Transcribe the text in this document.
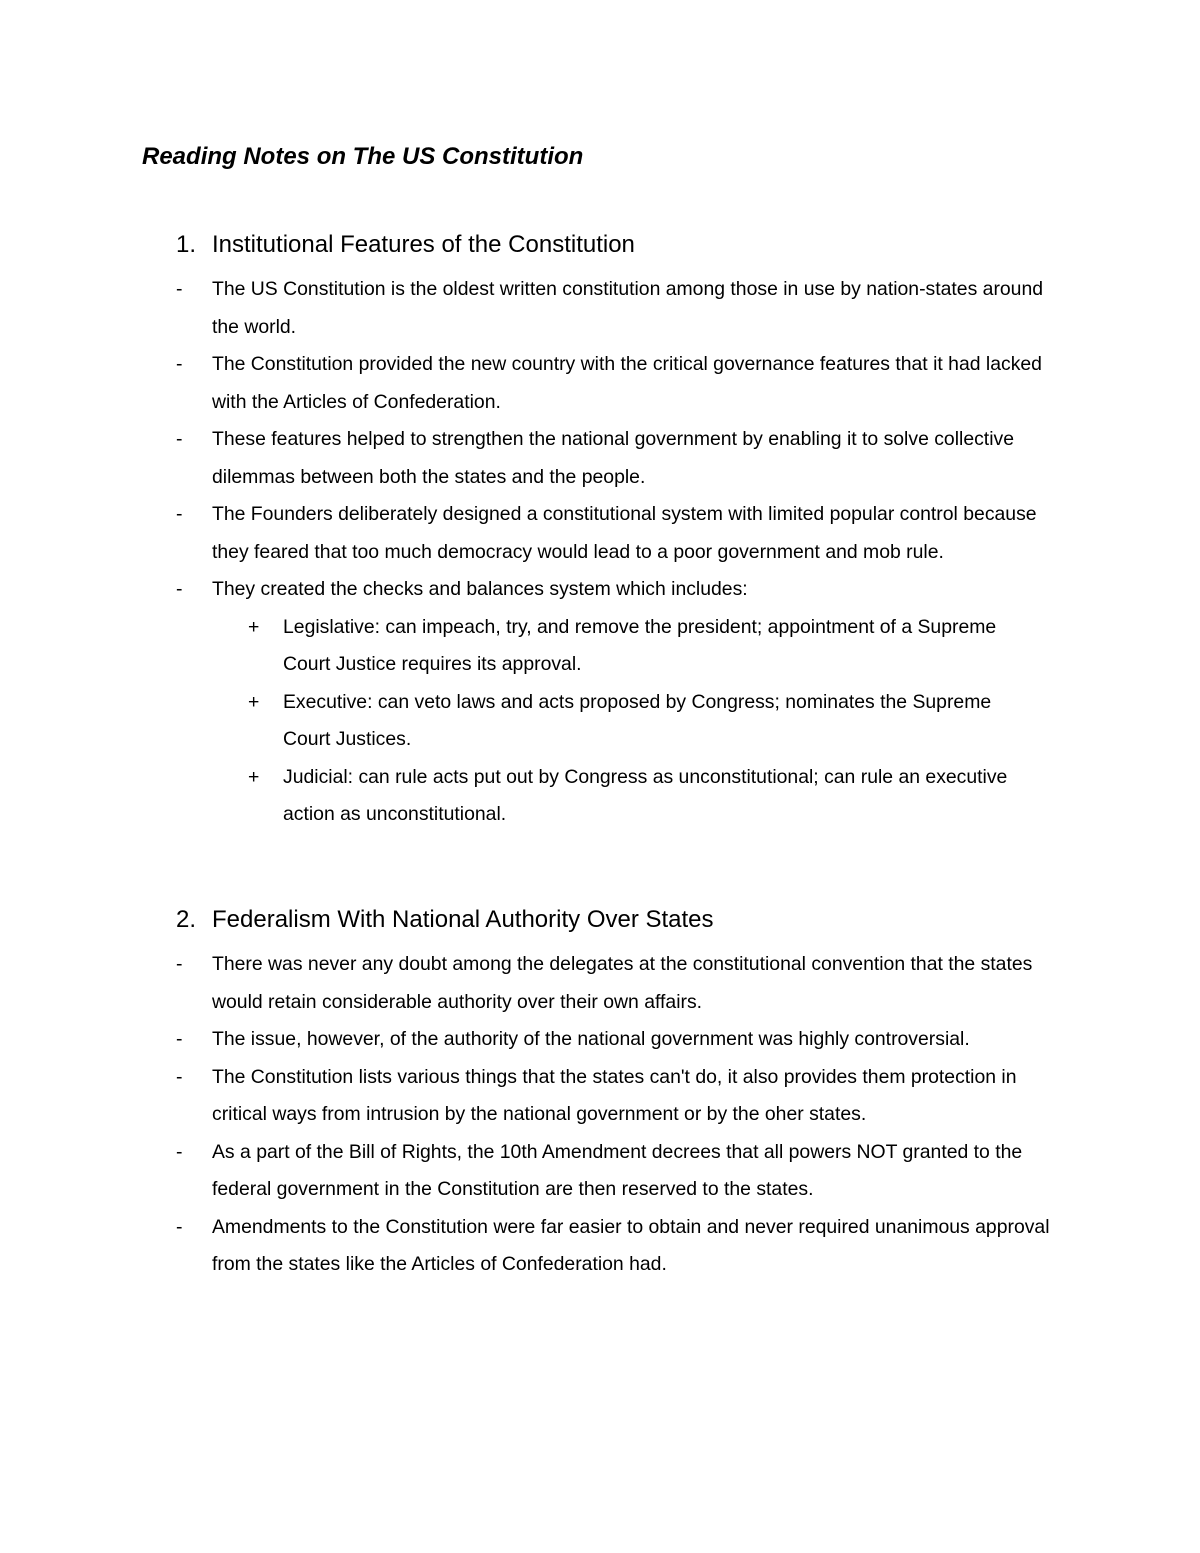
Reading Notes on The US Constitution
1. Institutional Features of the Constitution
-	The US Constitution is the oldest written constitution among those in use by nation-states around the world.
-	The Constitution provided the new country with the critical governance features that it had lacked with the Articles of Confederation.
-	These features helped to strengthen the national government by enabling it to solve collective dilemmas between both the states and the people.
-	The Founders deliberately designed a constitutional system with limited popular control because they feared that too much democracy would lead to a poor government and mob rule.
-	They created the checks and balances system which includes:
+	Legislative: can impeach, try, and remove the president; appointment of a Supreme Court Justice requires its approval.
+	Executive: can veto laws and acts proposed by Congress; nominates the Supreme Court Justices.
+	Judicial: can rule acts put out by Congress as unconstitutional; can rule an executive action as unconstitutional.
2. Federalism With National Authority Over States
-	There was never any doubt among the delegates at the constitutional convention that the states would retain considerable authority over their own affairs.
-	The issue, however, of the authority of the national government was highly controversial.
-	The Constitution lists various things that the states can't do, it also provides them protection in critical ways from intrusion by the national government or by the oher states.
-	As a part of the Bill of Rights, the 10th Amendment decrees that all powers NOT granted to the federal government in the Constitution are then reserved to the states.
-	Amendments to the Constitution were far easier to obtain and never required unanimous approval from the states like the Articles of Confederation had.
